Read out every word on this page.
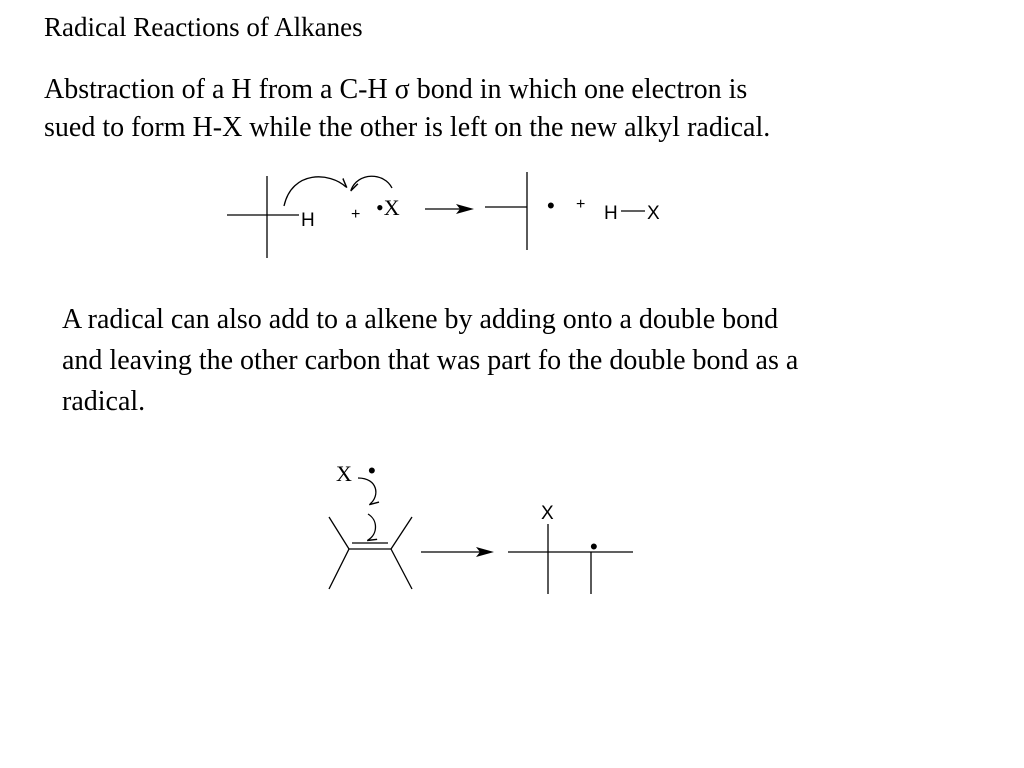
Radical Reactions of Alkanes
Abstraction of a H from a C-H σ bond in which one electron is
sued to form H-X while the other is left on the new alkyl radical.
A radical can also add to a alkene by adding onto a double bond
and leaving the other carbon that was part fo the double bond as a
radical.
H + •X	• + H X
X •
X
•
